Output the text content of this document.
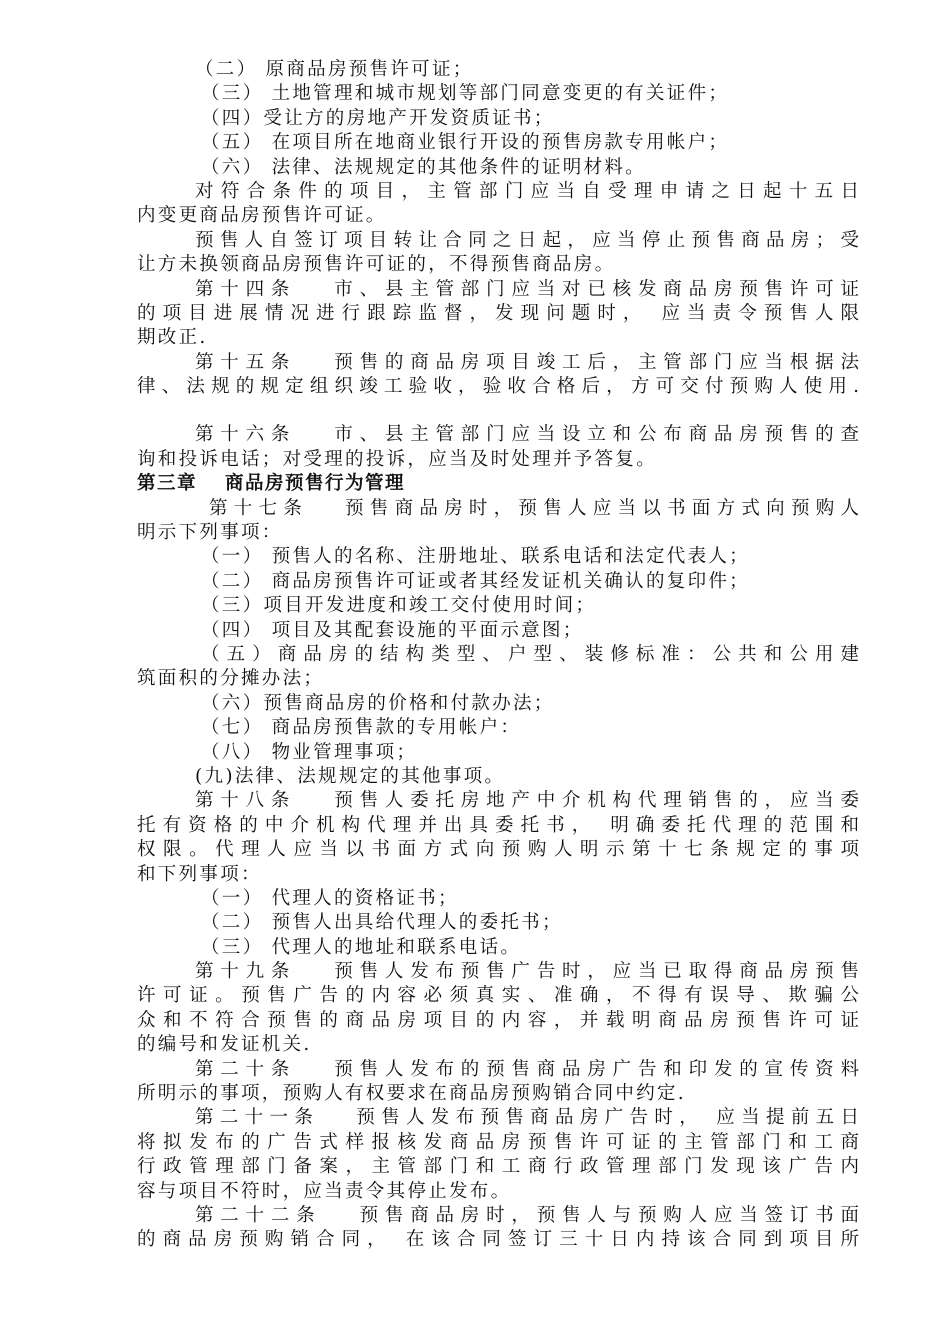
（二） 原商品房预售许可证；
（三） 土地管理和城市规划等部门同意变更的有关证件；
（四）受让方的房地产开发资质证书；
（五） 在项目所在地商业银行开设的预售房款专用帐户；
（六） 法律、法规规定的其他条件的证明材料。
对符合条件的项目，主管部门应当自受理申请之日起十五日
内变更商品房预售许可证。
预售人自签订项目转让合同之日起，应当停止预售商品房；受
让方未换领商品房预售许可证的，不得预售商品房。
第十四条　 市、县主管部门应当对已核发商品房预售许可证
的项目进展情况进行跟踪监督，发现问题时， 应当责令预售人限
期改正.
第十五条　 预售的商品房项目竣工后，主管部门应当根据法
律、法规的规定组织竣工验收，验收合格后，方可交付预购人使用.
第十六条　 市、县主管部门应当设立和公布商品房预售的查
询和投诉电话；对受理的投诉，应当及时处理并予答复。
第三章　 商品房预售行为管理
第十七条　 预售商品房时，预售人应当以书面方式向预购人
明示下列事项：
（一） 预售人的名称、注册地址、联系电话和法定代表人；
（二） 商品房预售许可证或者其经发证机关确认的复印件；
（三）项目开发进度和竣工交付使用时间；
（四） 项目及其配套设施的平面示意图；
（五）商品房的结构类型、户型、装修标准：公共和公用建
筑面积的分摊办法；
（六）预售商品房的价格和付款办法；
（七） 商品房预售款的专用帐户：
（八） 物业管理事项；
(九)法律、法规规定的其他事项。
第十八条　 预售人委托房地产中介机构代理销售的，应当委
托有资格的中介机构代理并出具委托书， 明确委托代理的范围和
权限。代理人应当以书面方式向预购人明示第十七条规定的事项
和下列事项：
（一） 代理人的资格证书；
（二） 预售人出具给代理人的委托书；
（三） 代理人的地址和联系电话。
第十九条　 预售人发布预售广告时，应当已取得商品房预售
许可证。预售广告的内容必须真实、准确，不得有误导、欺骗公
众和不符合预售的商品房项目的内容，并载明商品房预售许可证
的编号和发证机关.
第二十条　 预售人发布的预售商品房广告和印发的宣传资料
所明示的事项，预购人有权要求在商品房预购销合同中约定.
第二十一条　 预售人发布预售商品房广告时， 应当提前五日
将拟发布的广告式样报核发商品房预售许可证的主管部门和工商
行政管理部门备案，主管部门和工商行政管理部门发现该广告内
容与项目不符时，应当责令其停止发布。
第二十二条　 预售商品房时，预售人与预购人应当签订书面
的商品房预购销合同， 在该合同签订三十日内持该合同到项目所
